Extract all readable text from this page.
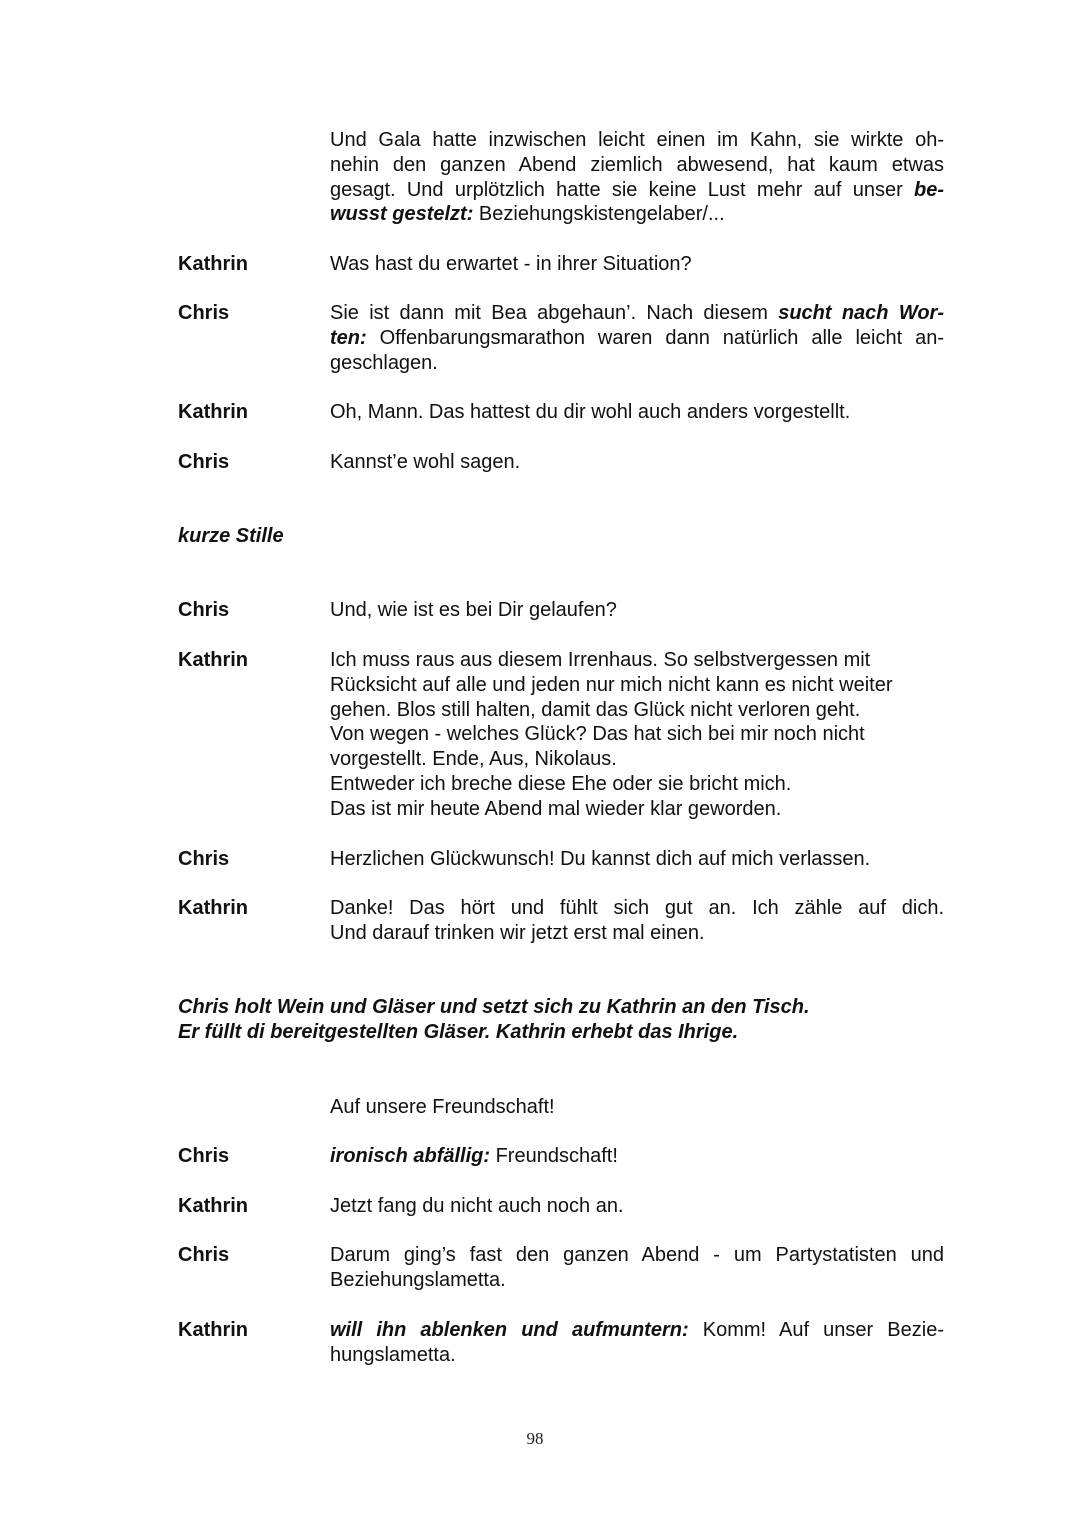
Und Gala hatte inzwischen leicht einen im Kahn, sie wirkte oh-
nehin den ganzen Abend ziemlich abwesend, hat kaum etwas
gesagt. Und urplötzlich hatte sie keine Lust mehr auf unser be-
wusst gestelzt: Beziehungskistengelaber/...
Kathrin	Was hast du erwartet - in ihrer Situation?
Chris	Sie ist dann mit Bea abgehaun’. Nach diesem sucht nach Wor-
ten: Offenbarungsmarathon waren dann natürlich alle leicht an-
geschlagen.
Kathrin	Oh, Mann. Das hattest du dir wohl auch anders vorgestellt.
Chris	Kannst’e wohl sagen.
Chris	Und, wie ist es bei Dir gelaufen?
Kathrin	Ich muss raus aus diesem Irrenhaus. So selbstvergessen mit
Rücksicht auf alle und jeden nur mich nicht kann es nicht weiter
gehen. Blos still halten, damit das Glück nicht verloren geht.
Von wegen - welches Glück? Das hat sich bei mir noch nicht
vorgestellt. Ende, Aus, Nikolaus.
Entweder ich breche diese Ehe oder sie bricht mich.
Das ist mir heute Abend mal wieder klar geworden.
Chris	Herzlichen Glückwunsch! Du kannst dich auf mich verlassen.
Kathrin	Danke! Das hört und fühlt sich gut an. Ich zähle auf dich.
Und darauf trinken wir jetzt erst mal einen.
Auf unsere Freundschaft!
Chris	ironisch abfällig: Freundschaft!
Kathrin	Jetzt fang du nicht auch noch an.
Chris	Darum ging’s fast den ganzen Abend - um Partystatisten und
Beziehungslametta.
Kathrin	will ihn ablenken und aufmuntern: Komm! Auf unser Bezie-
hungslametta.
kurze Stille
Chris holt Wein und Gläser und setzt sich zu Kathrin an den Tisch.
Er füllt di bereitgestellten Gläser. Kathrin erhebt das Ihrige.
98
